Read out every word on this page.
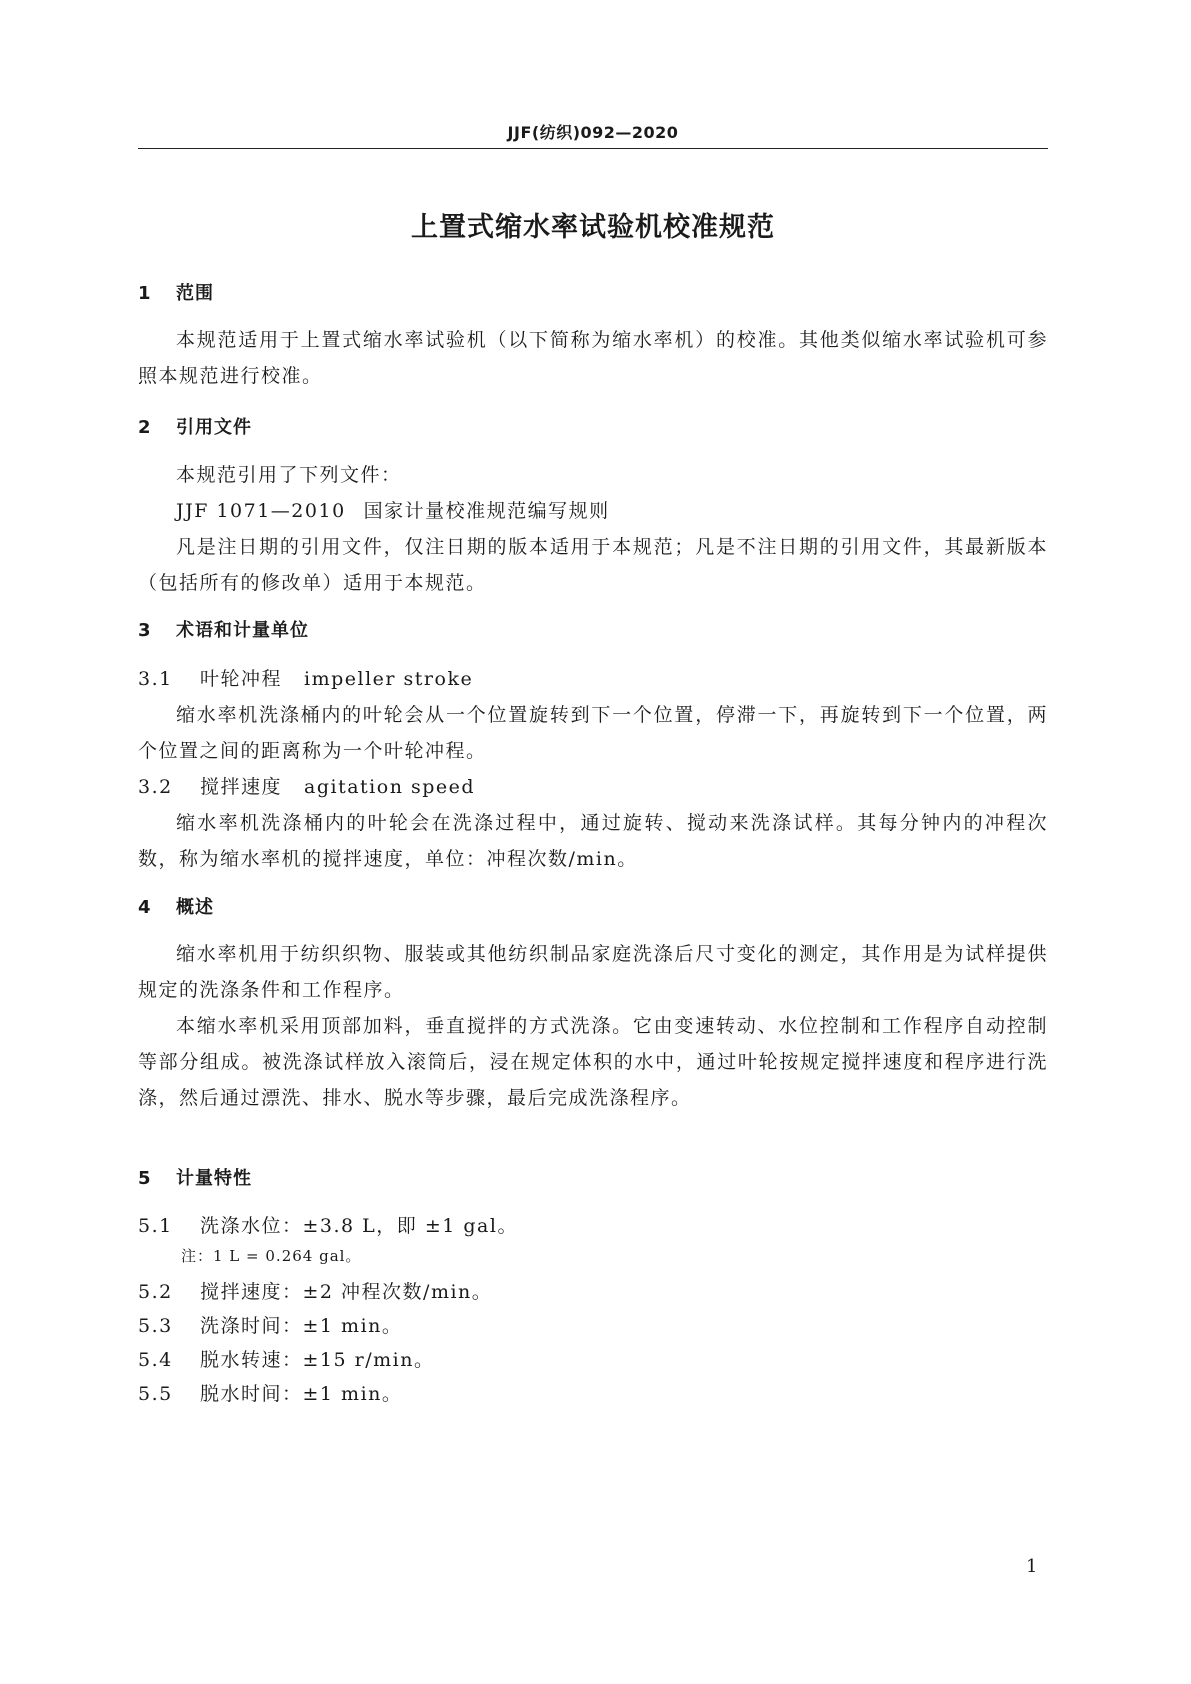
JJF(纺织)092—2020
上置式缩水率试验机校准规范
1 范围
本规范适用于上置式缩水率试验机（以下简称为缩水率机）的校准。其他类似缩水率试验机可参照本规范进行校准。
2 引用文件
本规范引用了下列文件：
JJF 1071—2010 国家计量校准规范编写规则
凡是注日期的引用文件，仅注日期的版本适用于本规范；凡是不注日期的引用文件，其最新版本（包括所有的修改单）适用于本规范。
3 术语和计量单位
3.1 叶轮冲程 impeller stroke
缩水率机洗涤桶内的叶轮会从一个位置旋转到下一个位置，停滞一下，再旋转到下一个位置，两个位置之间的距离称为一个叶轮冲程。
3.2 搅拌速度 agitation speed
缩水率机洗涤桶内的叶轮会在洗涤过程中，通过旋转、搅动来洗涤试样。其每分钟内的冲程次数，称为缩水率机的搅拌速度，单位：冲程次数/min。
4 概述
缩水率机用于纺织织物、服装或其他纺织制品家庭洗涤后尺寸变化的测定，其作用是为试样提供规定的洗涤条件和工作程序。
本缩水率机采用顶部加料，垂直搅拌的方式洗涤。它由变速转动、水位控制和工作程序自动控制等部分组成。被洗涤试样放入滚筒后，浸在规定体积的水中，通过叶轮按规定搅拌速度和程序进行洗涤，然后通过漂洗、排水、脱水等步骤，最后完成洗涤程序。
5 计量特性
5.1 洗涤水位：±3.8 L，即 ±1 gal。
注：1 L = 0.264 gal。
5.2 搅拌速度：±2 冲程次数/min。
5.3 洗涤时间：±1 min。
5.4 脱水转速：±15 r/min。
5.5 脱水时间：±1 min。
1
